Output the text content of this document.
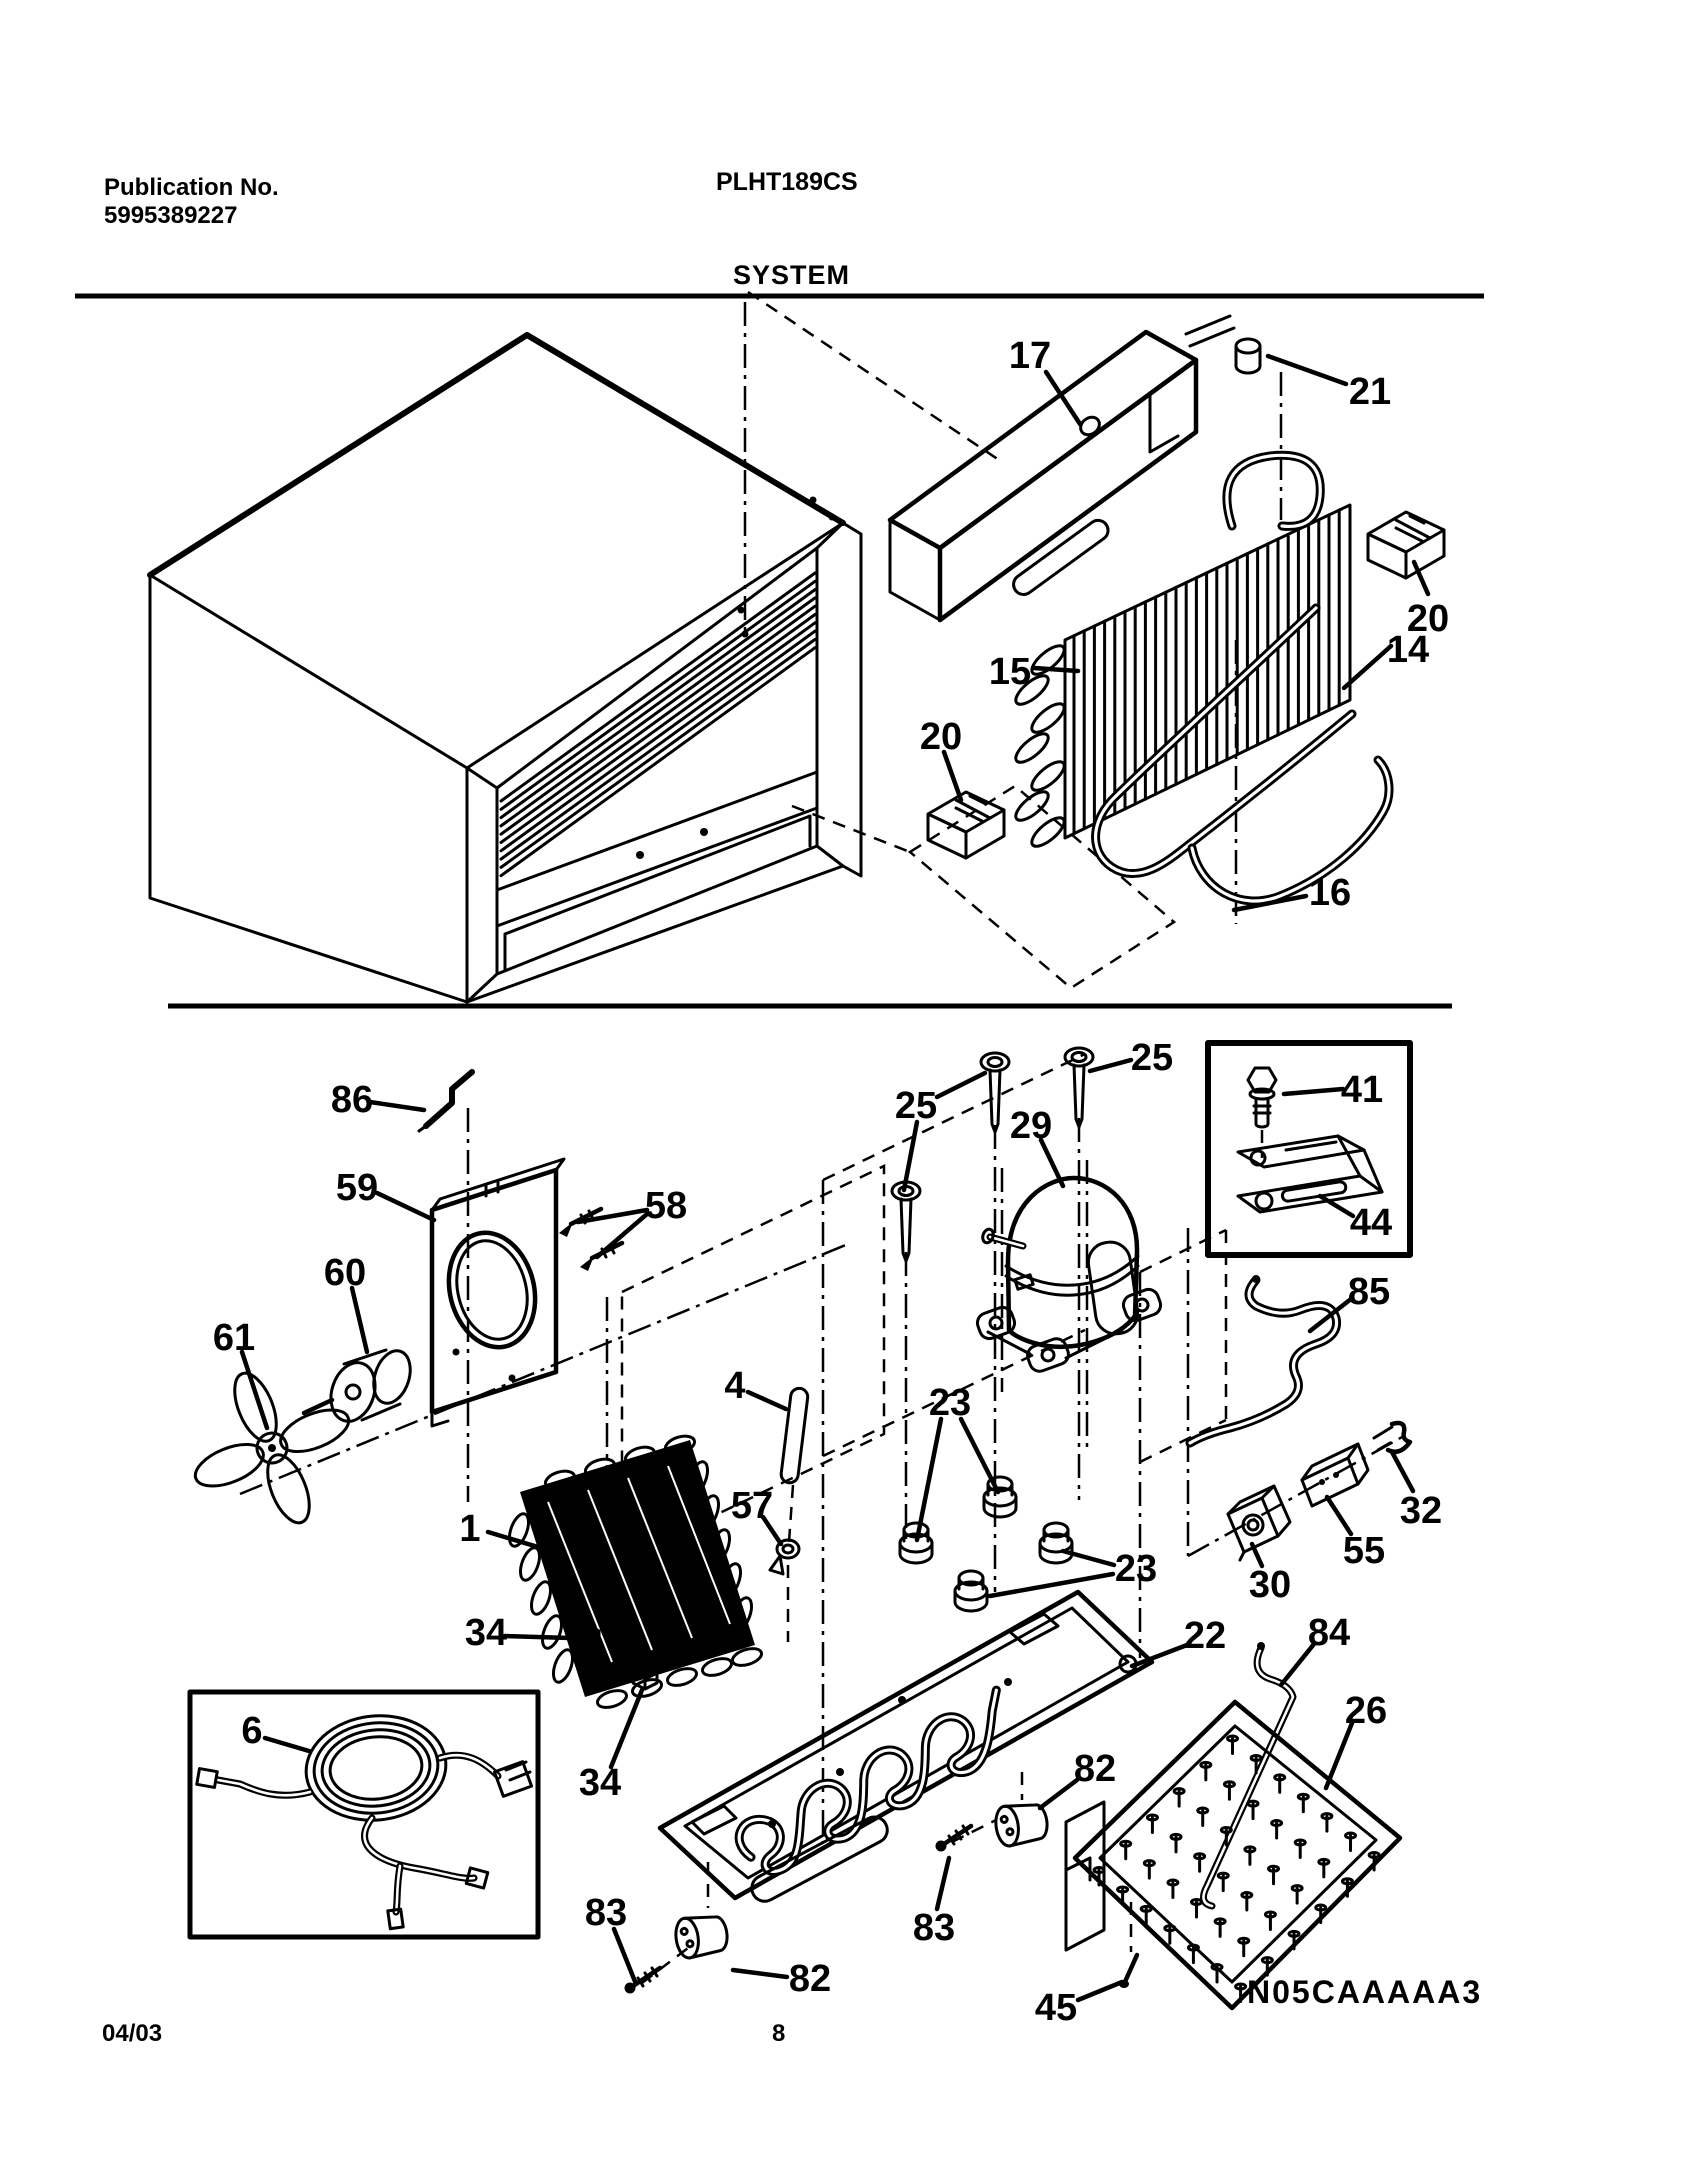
17
21
20
15
14
20
16
86
59	58
60
61
25
25
29
41
44
85
4	23
32
55
30
57
1
23
22 84
26
34
6
34	82
83
82
83
45
Publication No.
5995389227
PLHT189CS
SYSTEM
04/03	8
N05CAAAAA3
